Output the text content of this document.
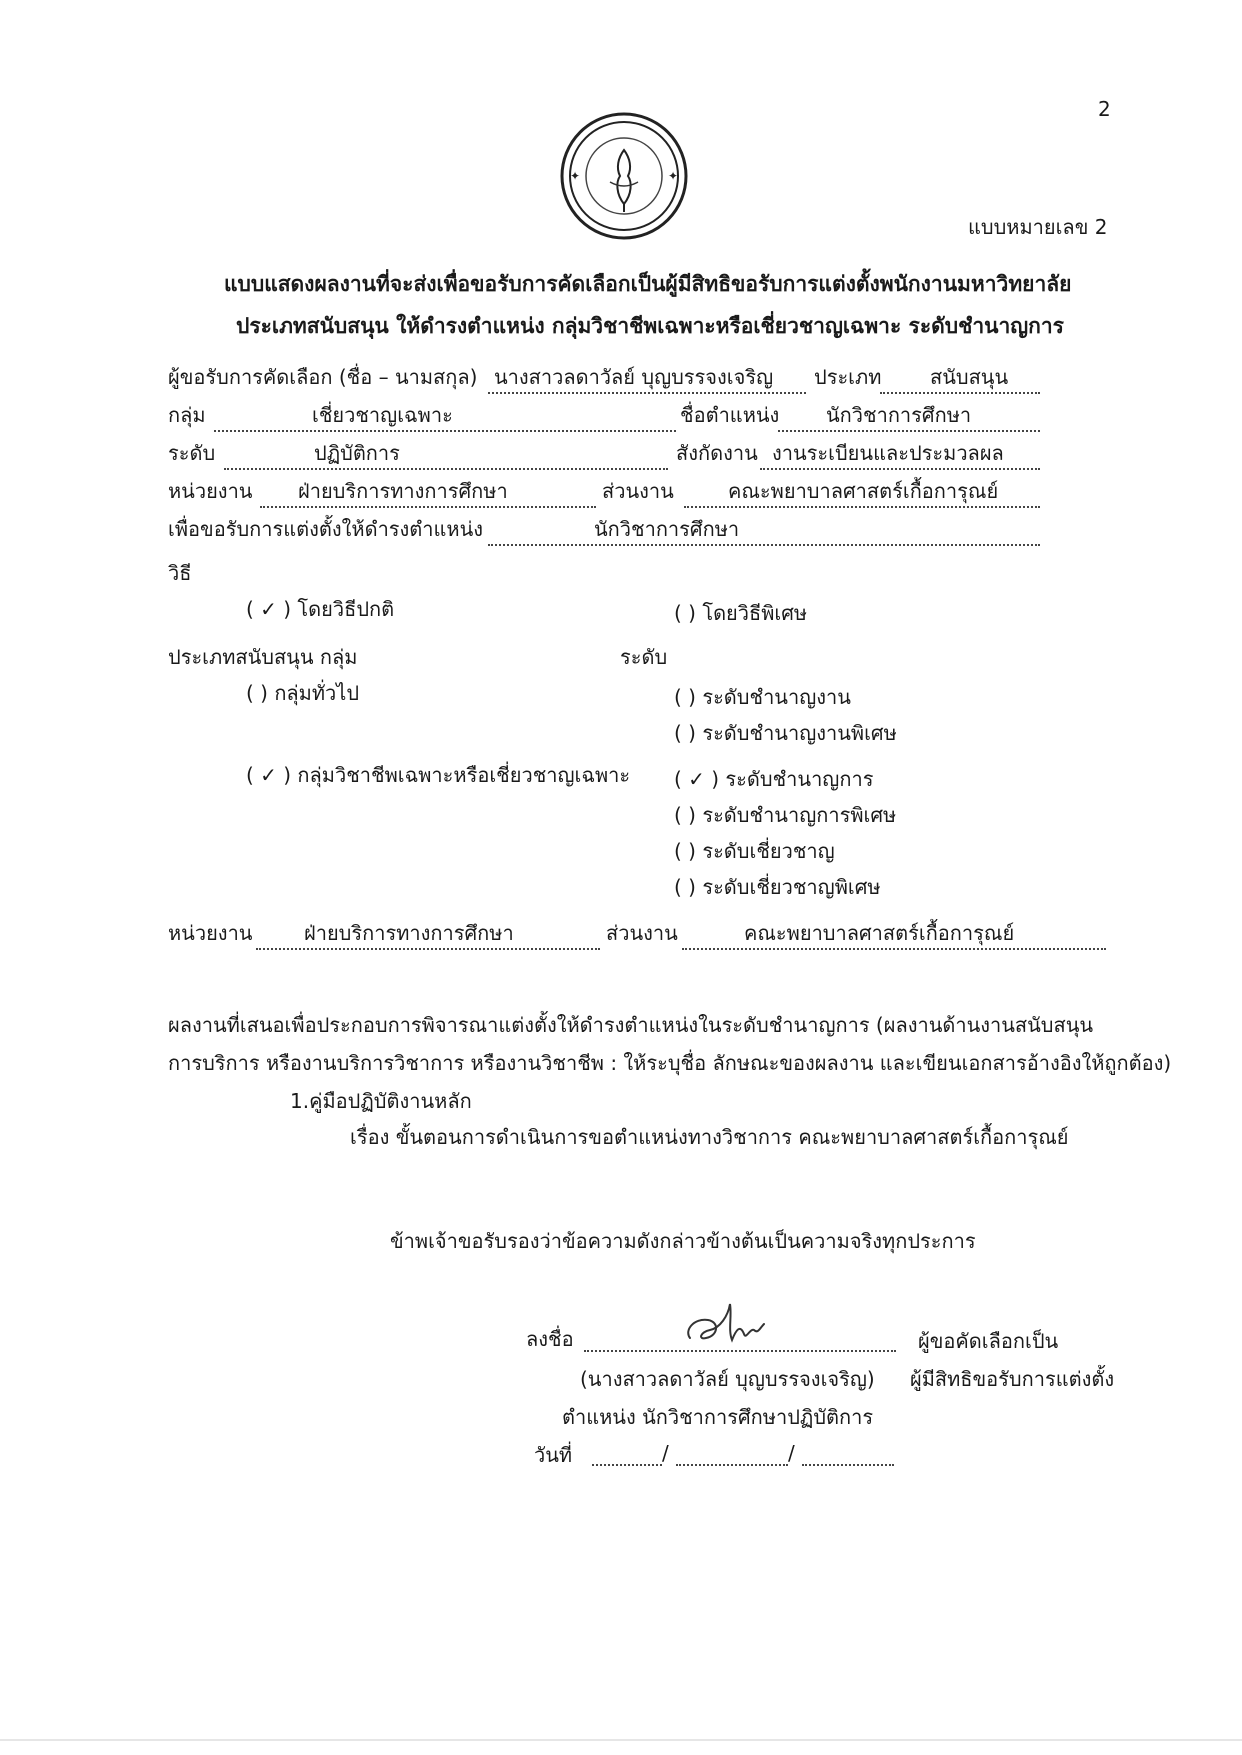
2
แบบหมายเลข 2
✦	✦
แบบแสดงผลงานที่จะส่งเพื่อขอรับการคัดเลือกเป็นผู้มีสิทธิขอรับการแต่งตั้งพนักงานมหาวิทยาลัย
ประเภทสนับสนุน ให้ดำรงตำแหน่ง กลุ่มวิชาชีพเฉพาะหรือเชี่ยวชาญเฉพาะ ระดับชำนาญการ
ผู้ขอรับการคัดเลือก (ชื่อ – นามสกุล) นางสาวลดาวัลย์ บุญบรรจงเจริญ ประเภท สนับสนุน
กลุ่ม	เชี่ยวชาญเฉพาะ	ชื่อตำแหน่ง นักวิชาการศึกษา
ระดับ	ปฏิบัติการ	สังกัดงาน งานระเบียนและประมวลผล
หน่วยงาน ฝ่ายบริการทางการศึกษา	ส่วนงาน	คณะพยาบาลศาสตร์เกื้อการุณย์
เพื่อขอรับการแต่งตั้งให้ดำรงตำแหน่ง	นักวิชาการศึกษา
วิธี
( ✓ ) โดยวิธีปกติ	( ) โดยวิธีพิเศษ
ประเภทสนับสนุน กลุ่ม	ระดับ
( ) กลุ่มทั่วไป
( ✓ ) กลุ่มวิชาชีพเฉพาะหรือเชี่ยวชาญเฉพาะ
( ) ระดับชำนาญงาน
( ) ระดับชำนาญงานพิเศษ
( ✓ ) ระดับชำนาญการ
( ) ระดับชำนาญการพิเศษ
( ) ระดับเชี่ยวชาญ
( ) ระดับเชี่ยวชาญพิเศษ
หน่วยงาน	ฝ่ายบริการทางการศึกษา	ส่วนงาน	คณะพยาบาลศาสตร์เกื้อการุณย์
ผลงานที่เสนอเพื่อประกอบการพิจารณาแต่งตั้งให้ดำรงตำแหน่งในระดับชำนาญการ (ผลงานด้านงานสนับสนุน
การบริการ หรืองานบริการวิชาการ หรืองานวิชาชีพ : ให้ระบุชื่อ ลักษณะของผลงาน และเขียนเอกสารอ้างอิงให้ถูกต้อง)
1.คู่มือปฏิบัติงานหลัก
เรื่อง ขั้นตอนการดำเนินการขอตำแหน่งทางวิชาการ คณะพยาบาลศาสตร์เกื้อการุณย์
ข้าพเจ้าขอรับรองว่าข้อความดังกล่าวข้างต้นเป็นความจริงทุกประการ
ลงชื่อ	ผู้ขอคัดเลือกเป็น
(นางสาวลดาวัลย์ บุญบรรจงเจริญ) ผู้มีสิทธิขอรับการแต่งตั้ง
ตำแหน่ง นักวิชาการศึกษาปฏิบัติการ
วันที่	/	/
